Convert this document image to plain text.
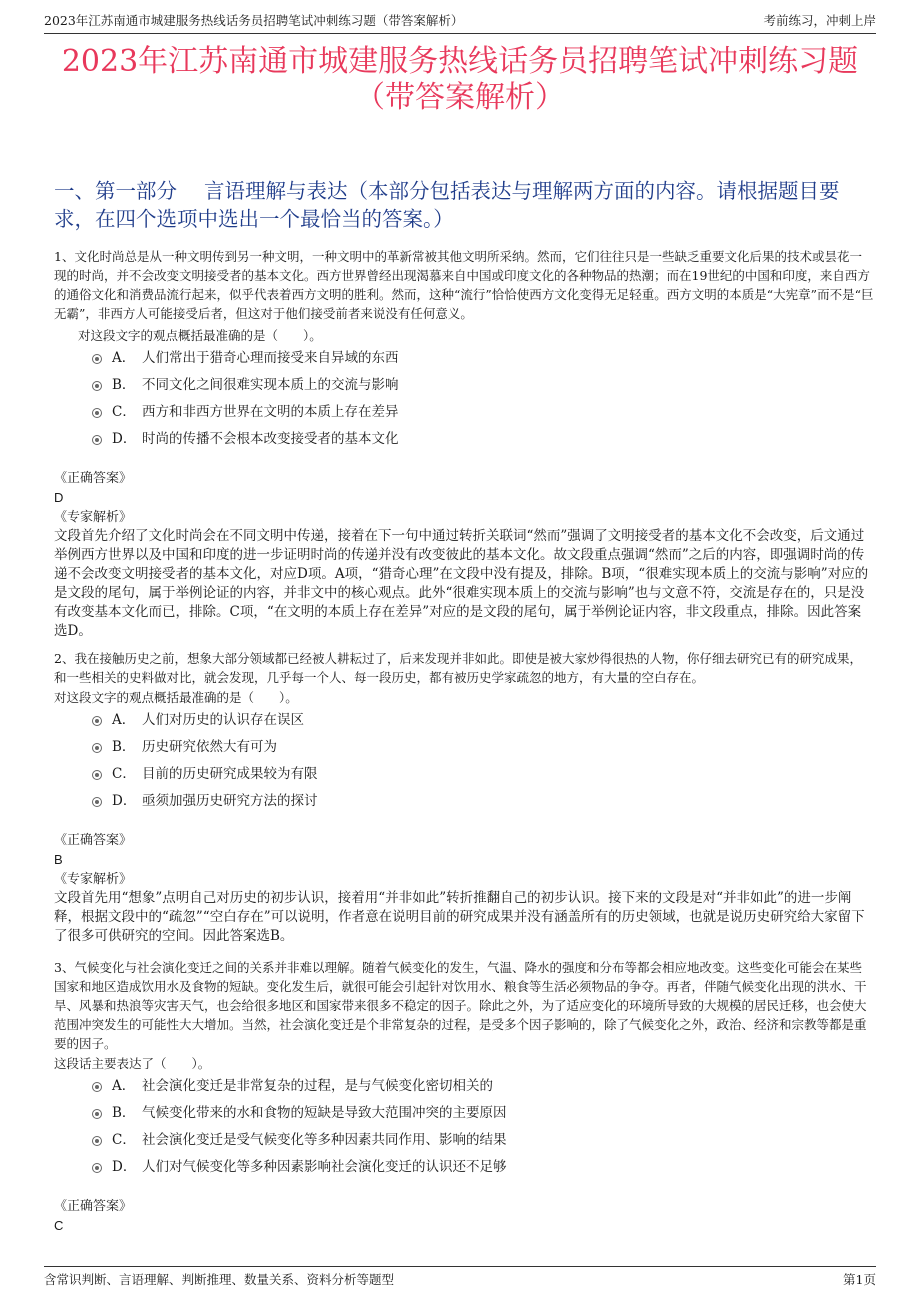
2023年江苏南通市城建服务热线话务员招聘笔试冲刺练习题（带答案解析）	考前练习，冲刺上岸
2023年江苏南通市城建服务热线话务员招聘笔试冲刺练习题
（带答案解析）
一、第一部分　 言语理解与表达（本部分包括表达与理解两方面的内容。请根据题目要求，在四个选项中选出一个最恰当的答案。）
1、文化时尚总是从一种文明传到另一种文明，一种文明中的革新常被其他文明所采纳。然而，它们往往只是一些缺乏重要文化后果的技术或昙花一现的时尚，并不会改变文明接受者的基本文化。西方世界曾经出现渴慕来自中国或印度文化的各种物品的热潮；而在19世纪的中国和印度，来自西方的通俗文化和消费品流行起来，似乎代表着西方文明的胜利。然而，这种“流行”恰恰使西方文化变得无足轻重。西方文明的本质是“大宪章”而不是“巨无霸”，非西方人可能接受后者，但这对于他们接受前者来说没有任何意义。
对这段文字的观点概括最准确的是（　　）。
A． 人们常出于猎奇心理而接受来自异域的东西
B． 不同文化之间很难实现本质上的交流与影响
C． 西方和非西方世界在文明的本质上存在差异
D． 时尚的传播不会根本改变接受者的基本文化
《正确答案》
D
《专家解析》
文段首先介绍了文化时尚会在不同文明中传递，接着在下一句中通过转折关联词“然而”强调了文明接受者的基本文化不会改变，后文通过举例西方世界以及中国和印度的进一步证明时尚的传递并没有改变彼此的基本文化。故文段重点强调“然而”之后的内容，即强调时尚的传递不会改变文明接受者的基本文化，对应D项。A项，“猎奇心理”在文段中没有提及，排除。B项，“很难实现本质上的交流与影响”对应的是文段的尾句，属于举例论证的内容，并非文中的核心观点。此外“很难实现本质上的交流与影响”也与文意不符，交流是存在的，只是没有改变基本文化而已，排除。C项，“在文明的本质上存在差异”对应的是文段的尾句，属于举例论证内容，非文段重点，排除。因此答案选D。
2、我在接触历史之前，想象大部分领域都已经被人耕耘过了，后来发现并非如此。即使是被大家炒得很热的人物，你仔细去研究已有的研究成果，和一些相关的史料做对比，就会发现，几乎每一个人、每一段历史，都有被历史学家疏忽的地方，有大量的空白存在。
对这段文字的观点概括最准确的是（　　）。
A． 人们对历史的认识存在误区
B． 历史研究依然大有可为
C． 目前的历史研究成果较为有限
D． 亟须加强历史研究方法的探讨
《正确答案》
B
《专家解析》
文段首先用“想象”点明自己对历史的初步认识，接着用“并非如此”转折推翻自己的初步认识。接下来的文段是对“并非如此”的进一步阐释，根据文段中的“疏忽”“空白存在”可以说明，作者意在说明目前的研究成果并没有涵盖所有的历史领域，也就是说历史研究给大家留下了很多可供研究的空间。因此答案选B。
3、气候变化与社会演化变迁之间的关系并非难以理解。随着气候变化的发生，气温、降水的强度和分布等都会相应地改变。这些变化可能会在某些国家和地区造成饮用水及食物的短缺。变化发生后，就很可能会引起针对饮用水、粮食等生活必须物品的争夺。再者，伴随气候变化出现的洪水、干旱、风暴和热浪等灾害天气，也会给很多地区和国家带来很多不稳定的因子。除此之外，为了适应变化的环境所导致的大规模的居民迁移，也会使大范围冲突发生的可能性大大增加。当然，社会演化变迁是个非常复杂的过程，是受多个因子影响的，除了气候变化之外，政治、经济和宗教等都是重要的因子。
这段话主要表达了（　　）。
A． 社会演化变迁是非常复杂的过程，是与气候变化密切相关的
B． 气候变化带来的水和食物的短缺是导致大范围冲突的主要原因
C． 社会演化变迁是受气候变化等多种因素共同作用、影响的结果
D． 人们对气候变化等多种因素影响社会演化变迁的认识还不足够
《正确答案》
C
含常识判断、言语理解、判断推理、数量关系、资料分析等题型	第1页
